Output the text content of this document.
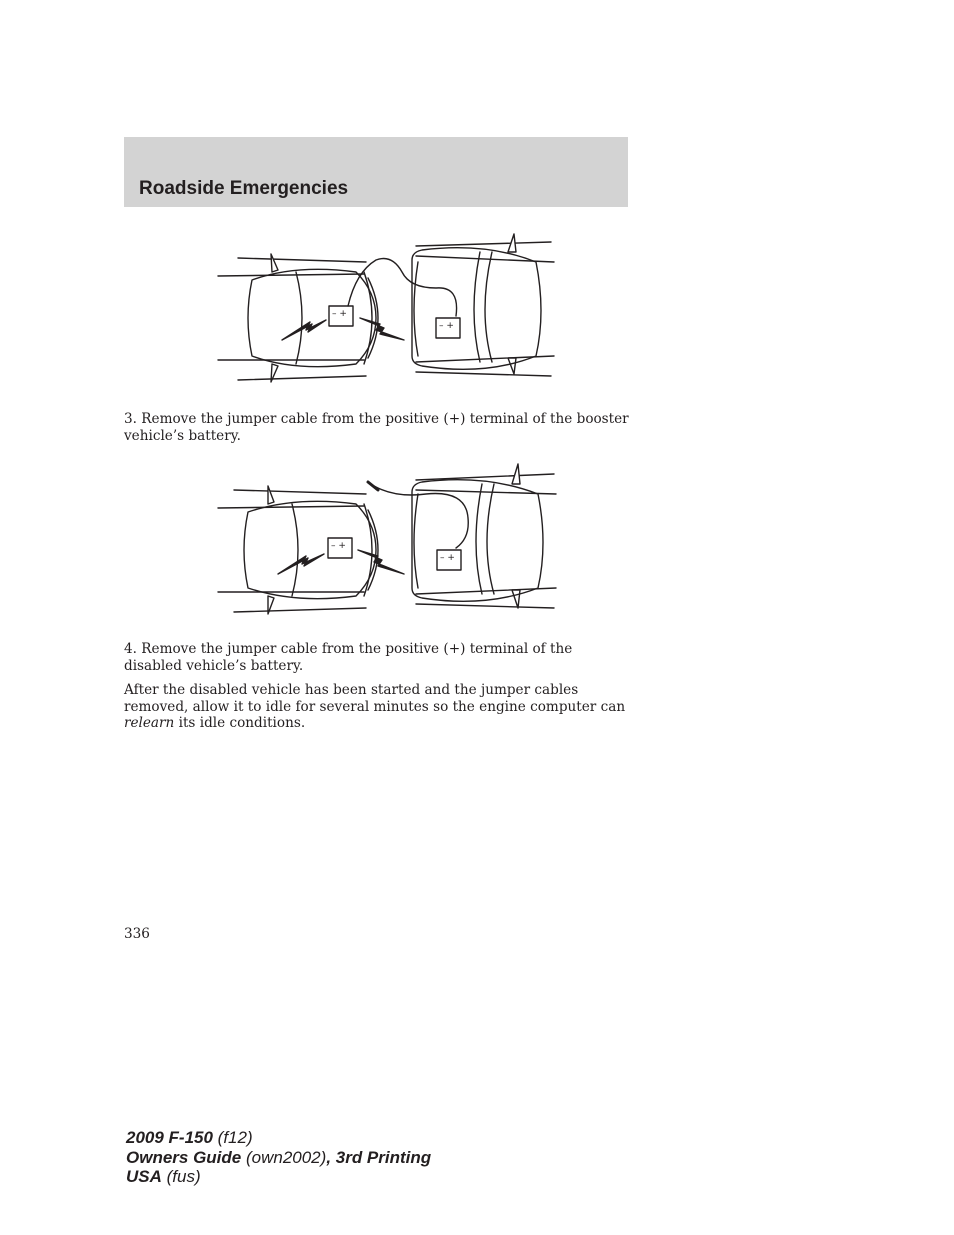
Roadside Emergencies
– +
– +

3. Remove the jumper cable from the positive (+) terminal of the booster vehicle’s battery.

– +
– +

4. Remove the jumper cable from the positive (+) terminal of the disabled vehicle’s battery.

After the disabled vehicle has been started and the jumper cables removed, allow it to idle for several minutes so the engine computer can relearn its idle conditions.

336

2009 F-150 (f12)
Owners Guide (own2002), 3rd Printing
USA (fus)
